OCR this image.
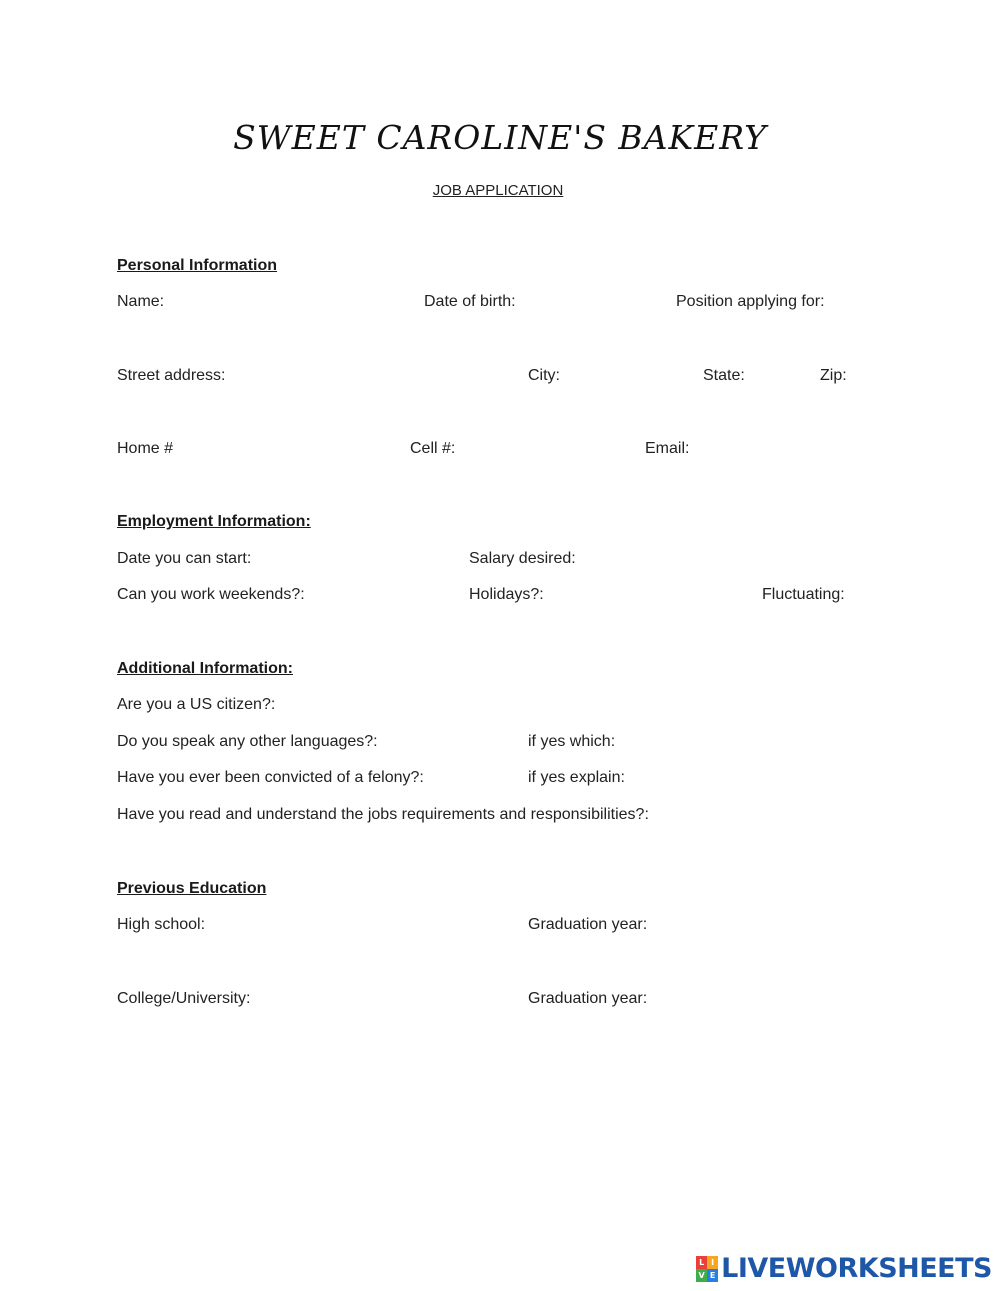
SWEET CAROLINE'S BAKERY
JOB APPLICATION
Personal Information
Name:	Date of birth:	Position applying for:
Street address:	City:	State:	Zip:
Home #	Cell #:	Email:
Employment Information:
Date you can start:	Salary desired:
Can you work weekends?:	Holidays?:	Fluctuating:
Additional Information:
Are you a US citizen?:
Do you speak any other languages?:	if yes which:
Have you ever been convicted of a felony?:	if yes explain:
Have you read and understand the jobs requirements and responsibilities?:
Previous Education
High school:	Graduation year:
College/University:	Graduation year:
L I
V E LIVEWORKSHEETS
